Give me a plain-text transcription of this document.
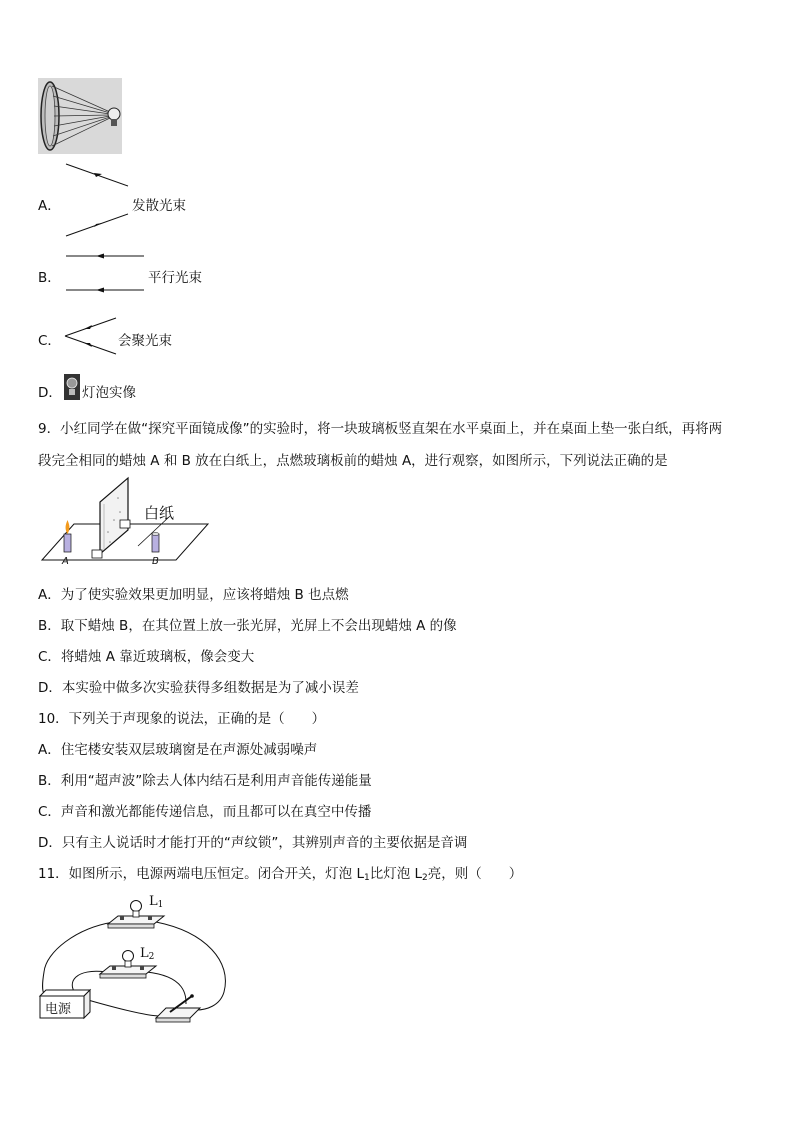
A．	发散光束
B．	平行光束
C．	会聚光束
D． 灯泡实像
9．小红同学在做“探究平面镜成像”的实验时，将一块玻璃板竖直架在水平桌面上，并在桌面上垫一张白纸，再将两
段完全相同的蜡烛 A 和 B 放在白纸上，点燃玻璃板前的蜡烛 A，进行观察，如图所示，下列说法正确的是
白纸
A	B
A．为了使实验效果更加明显，应该将蜡烛 B 也点燃
B．取下蜡烛 B，在其位置上放一张光屏，光屏上不会出现蜡烛 A 的像
C．将蜡烛 A 靠近玻璃板，像会变大
D．本实验中做多次实验获得多组数据是为了减小误差
10．下列关于声现象的说法，正确的是（　　）
A．住宅楼安装双层玻璃窗是在声源处减弱噪声
B．利用“超声波”除去人体内结石是利用声音能传递能量
C．声音和激光都能传递信息，而且都可以在真空中传播
D．只有主人说话时才能打开的“声纹锁”，其辨别声音的主要依据是音调
11．如图所示，电源两端电压恒定。闭合开关，灯泡 $L_1$比灯泡 $L_2$亮，则（　　）
$L_1$
$L_2$
电源
